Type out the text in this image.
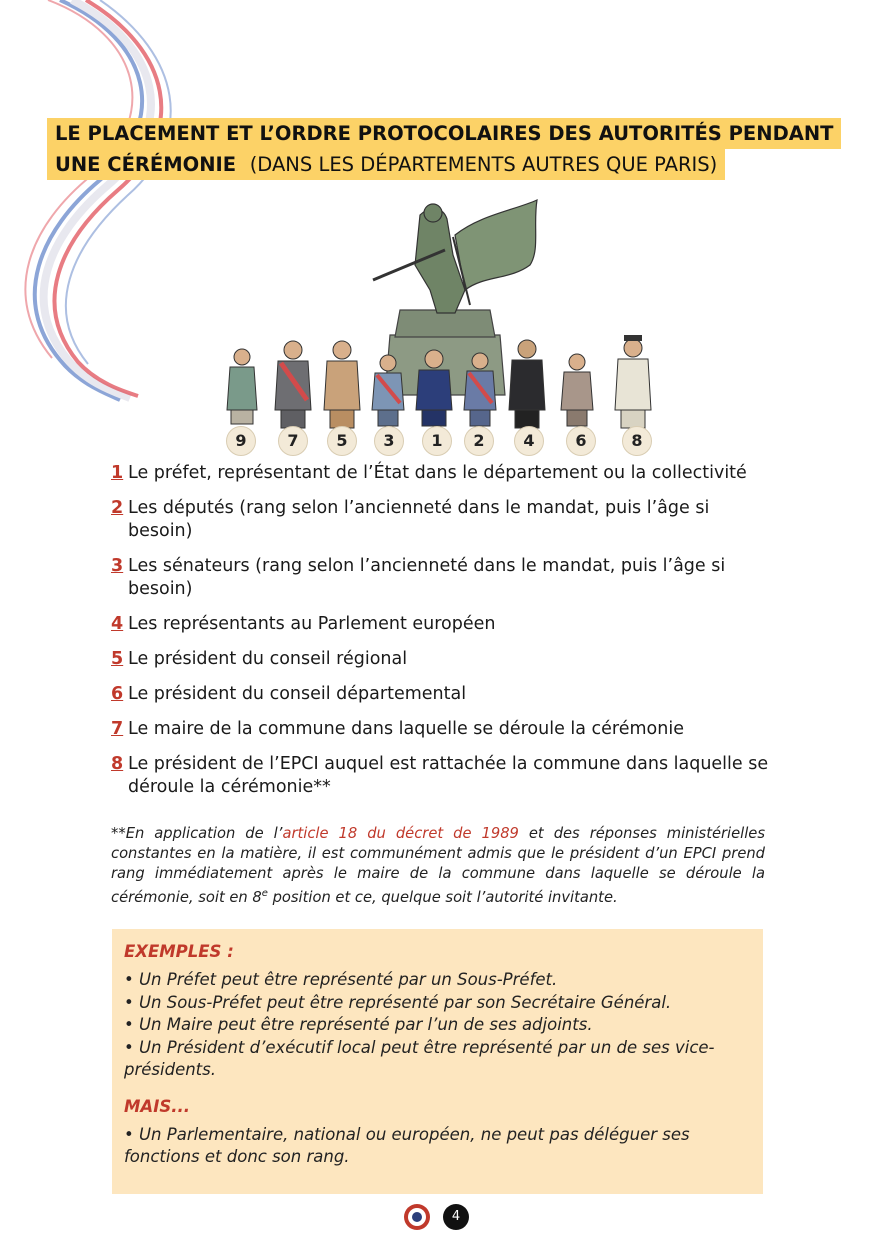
LE PLACEMENT ET L’ORDRE PROTOCOLAIRES DES AUTORITÉS PENDANT
UNE CÉRÉMONIE (DANS LES DÉPARTEMENTS AUTRES QUE PARIS)
9	7	5	3	1	2	4	6	8
1 Le préfet, représentant de l’État dans le département ou la collectivité
2 Les députés (rang selon l’ancienneté dans le mandat, puis l’âge si besoin)
3 Les sénateurs (rang selon l’ancienneté dans le mandat, puis l’âge si besoin)
4 Les représentants au Parlement européen
5 Le président du conseil régional
6 Le président du conseil départemental
7 Le maire de la commune dans laquelle se déroule la cérémonie
8 Le président de l’EPCI auquel est rattachée la commune dans laquelle se déroule la cérémonie**
**En application de l’article 18 du décret de 1989 et des réponses ministérielles constantes en la matière, il est communément admis que le président d’un EPCI prend rang immédiatement après le maire de la commune dans laquelle se déroule la cérémonie, soit en 8e position et ce, quelque soit l’autorité invitante.
EXEMPLES :
• Un Préfet peut être représenté par un Sous-Préfet.
• Un Sous-Préfet peut être représenté par son Secrétaire Général.
• Un Maire peut être représenté par l’un de ses adjoints.
• Un Président d’exécutif local peut être représenté par un de ses vice-présidents.
MAIS...
• Un Parlementaire, national ou européen, ne peut pas déléguer ses fonctions et donc son rang.
4
